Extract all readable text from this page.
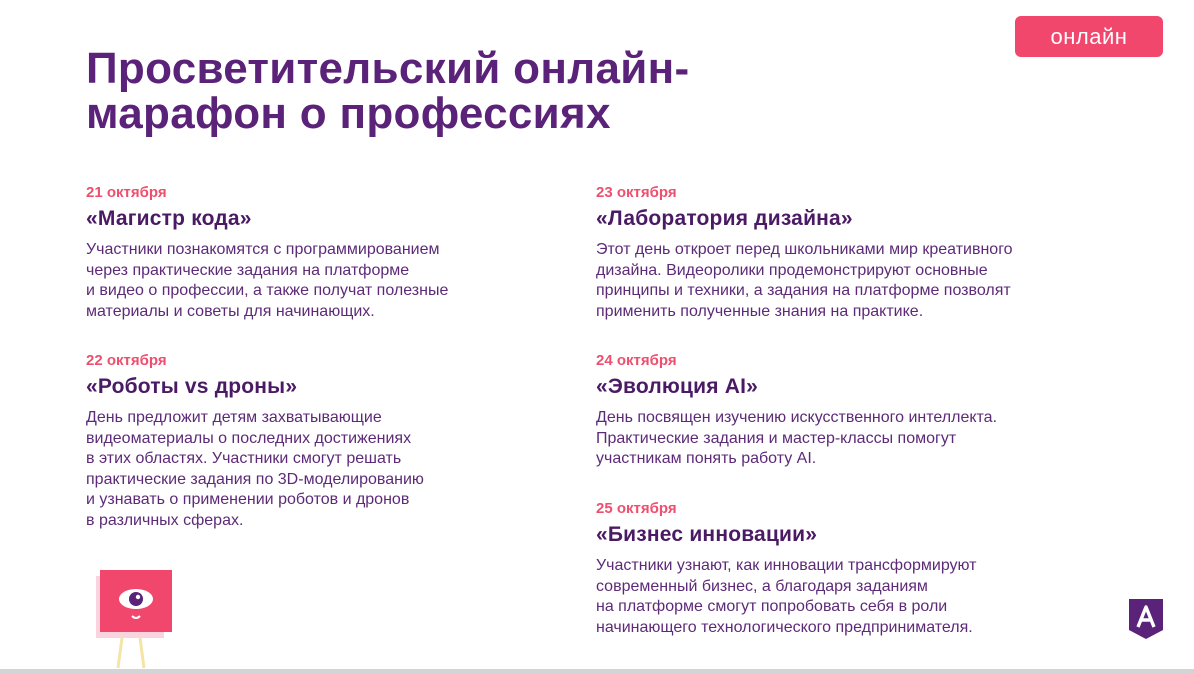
онлайн
Просветительский онлайн-
марафон о профессиях

21 октября

«Магистр кода»

Участники познакомятся с программированием
через практические задания на платформе
и видео о профессии, а также получат полезные
материалы и советы для начинающих.

22 октября

«Роботы vs дроны»

День предложит детям захватывающие
видеоматериалы о последних достижениях
в этих областях. Участники смогут решать
практические задания по 3D-моделированию
и узнавать о применении роботов и дронов
в различных сферах.

23 октября

«Лаборатория дизайна»

Этот день откроет перед школьниками мир креативного
дизайна. Видеоролики продемонстрируют основные
принципы и техники, а задания на платформе позволят
применить полученные знания на практике.

24 октября

«Эволюция AI»

День посвящен изучению искусственного интеллекта.
Практические задания и мастер-классы помогут
участникам понять работу AI.

25 октября

«Бизнес инновации»

Участники узнают, как инновации трансформируют
современный бизнес, а благодаря заданиям
на платформе смогут попробовать себя в роли
начинающего технологического предпринимателя.
